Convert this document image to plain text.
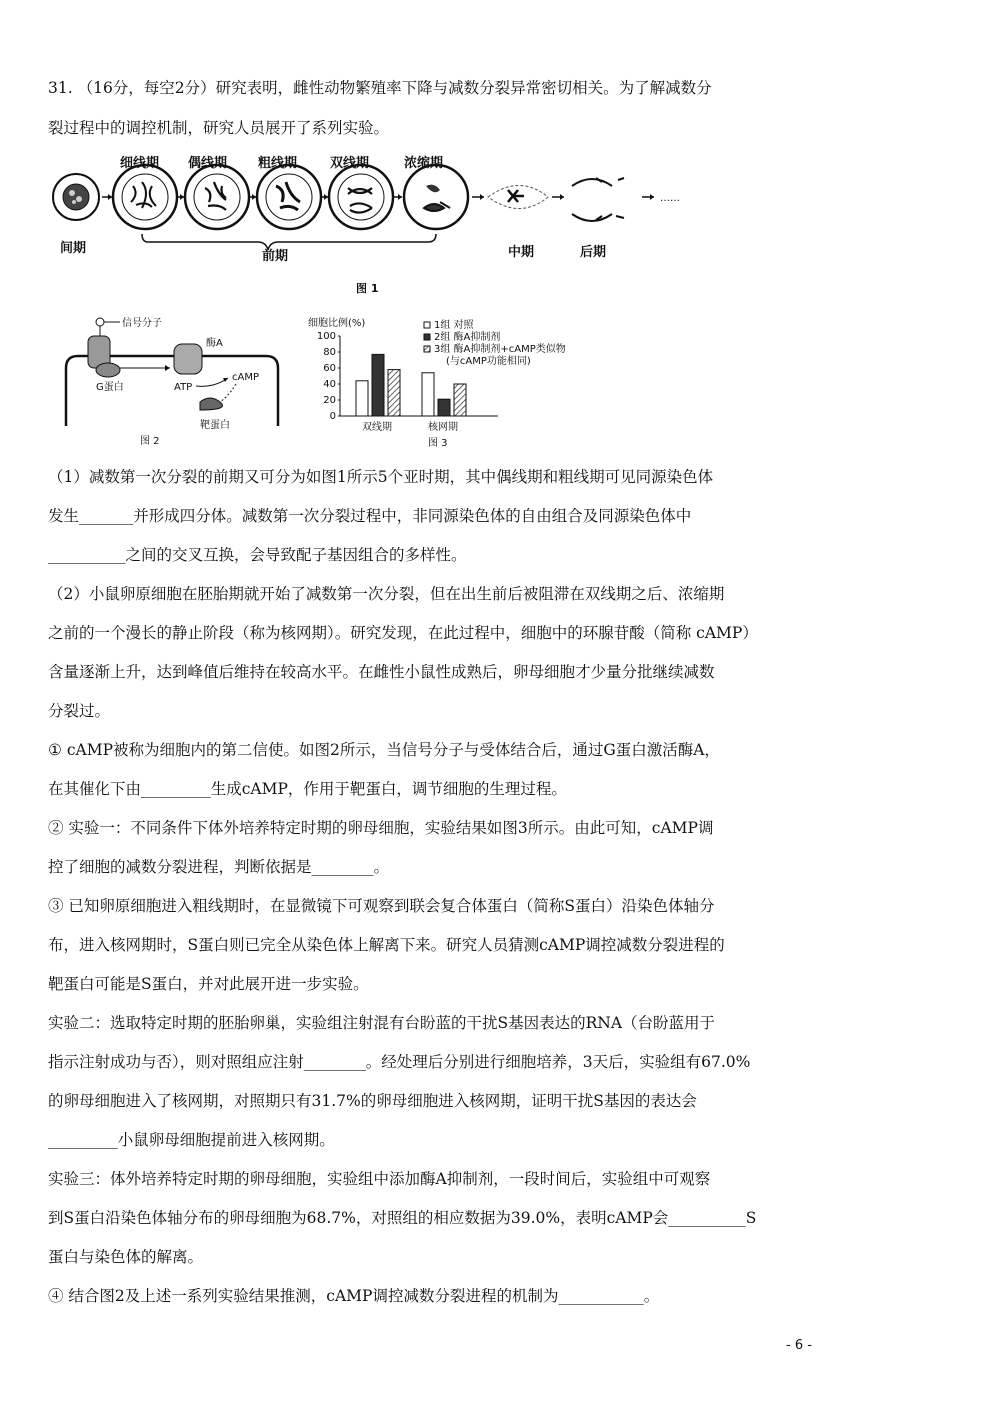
31. （16分，每空2分）研究表明，雌性动物繁殖率下降与减数分裂异常密切相关。为了解减数分
裂过程中的调控机制，研究人员展开了系列实验。
细线期 偶线期 粗线期	双线期	浓缩期
……
间期
前期	中期	后期
图 1
信号分子
G蛋白
酶A
ATP
cAMP
靶蛋白
图 2
细胞比例(%)
0
20
40
60
80
100
双线期	核网期
图 3
1组 对照
2组 酶A抑制剂
3组 酶A抑制剂+cAMP类似物
(与cAMP功能相同)
（1）减数第一次分裂的前期又可分为如图1所示5个亚时期，其中偶线期和粗线期可见同源染色体
发生_______并形成四分体。减数第一次分裂过程中，非同源染色体的自由组合及同源染色体中
__________之间的交叉互换，会导致配子基因组合的多样性。
（2）小鼠卵原细胞在胚胎期就开始了减数第一次分裂，但在出生前后被阻滞在双线期之后、浓缩期
之前的一个漫长的静止阶段（称为核网期）。研究发现，在此过程中，细胞中的环腺苷酸（简称 cAMP）
含量逐渐上升，达到峰值后维持在较高水平。在雌性小鼠性成熟后，卵母细胞才少量分批继续减数
分裂过。
① cAMP被称为细胞内的第二信使。如图2所示，当信号分子与受体结合后，通过G蛋白激活酶A，
在其催化下由_________生成cAMP，作用于靶蛋白，调节细胞的生理过程。
② 实验一：不同条件下体外培养特定时期的卵母细胞，实验结果如图3所示。由此可知，cAMP调
控了细胞的减数分裂进程，判断依据是________。
③ 已知卵原细胞进入粗线期时，在显微镜下可观察到联会复合体蛋白（简称S蛋白）沿染色体轴分
布，进入核网期时，S蛋白则已完全从染色体上解离下来。研究人员猜测cAMP调控减数分裂进程的
靶蛋白可能是S蛋白，并对此展开进一步实验。
实验二：选取特定时期的胚胎卵巢，实验组注射混有台盼蓝的干扰S基因表达的RNA（台盼蓝用于
指示注射成功与否），则对照组应注射________。经处理后分别进行细胞培养，3天后，实验组有67.0%
的卵母细胞进入了核网期，对照期只有31.7%的卵母细胞进入核网期，证明干扰S基因的表达会
_________小鼠卵母细胞提前进入核网期。
实验三：体外培养特定时期的卵母细胞，实验组中添加酶A抑制剂，一段时间后，实验组中可观察
到S蛋白沿染色体轴分布的卵母细胞为68.7%，对照组的相应数据为39.0%，表明cAMP会__________S
蛋白与染色体的解离。
④ 结合图2及上述一系列实验结果推测，cAMP调控减数分裂进程的机制为___________。
- 6 -
